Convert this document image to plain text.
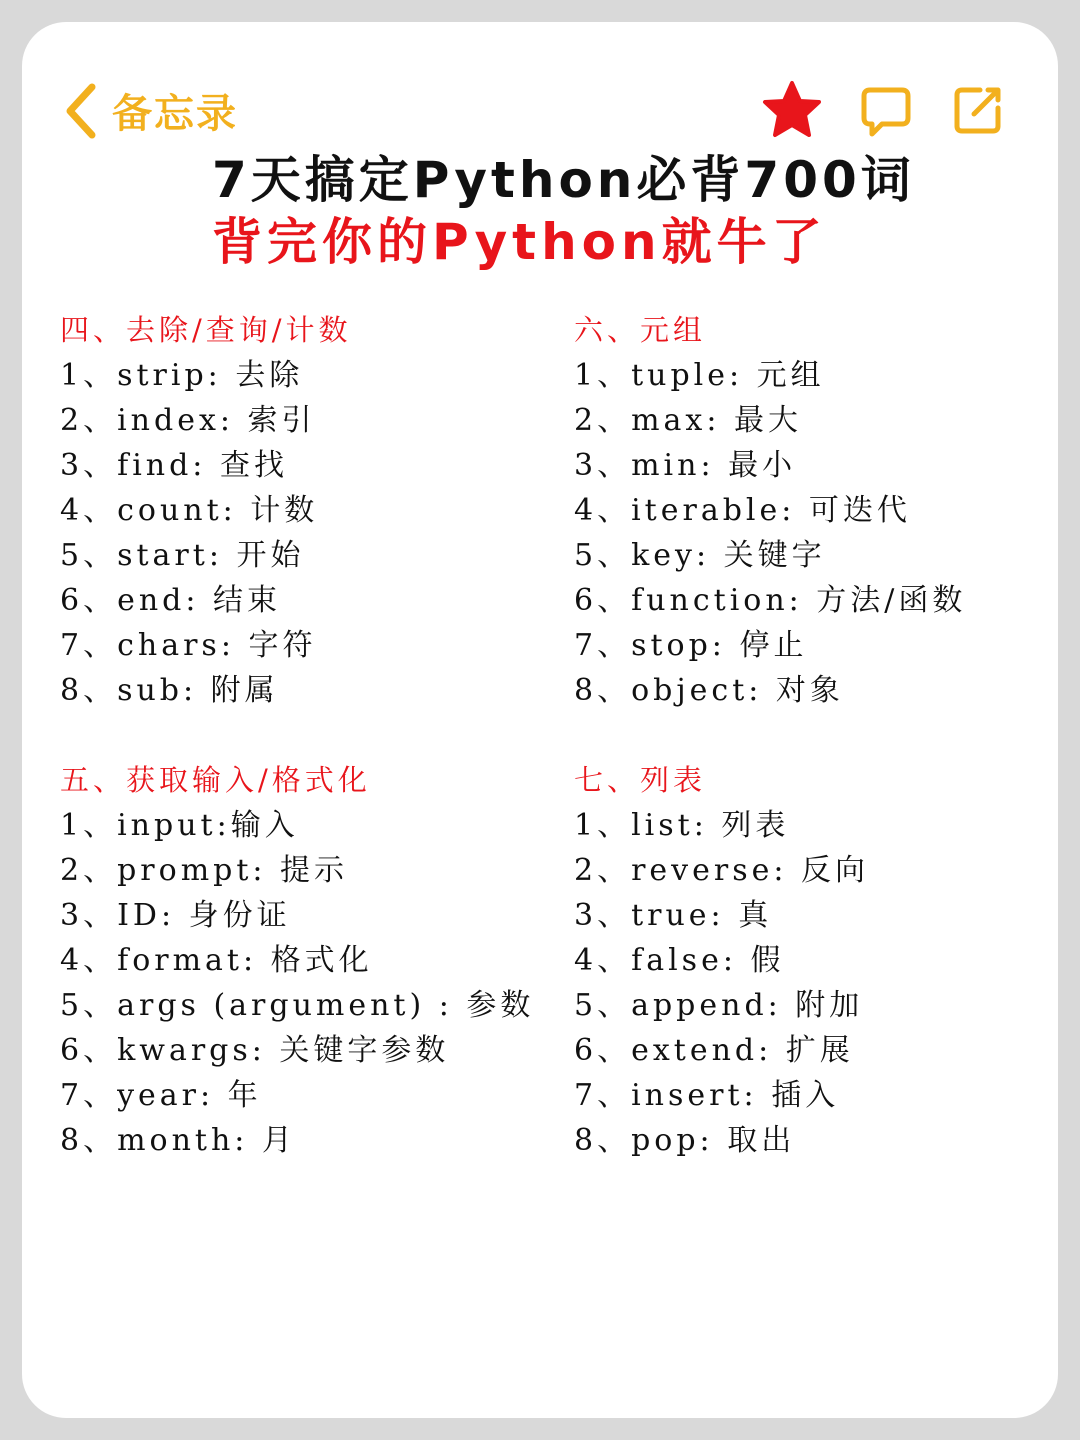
备忘录
7天搞定Python必背700词
背完你的Python就牛了
四、去除/查询/计数
1、strip: 去除
2、index: 索引
3、find: 查找
4、count: 计数
5、start: 开始
6、end: 结束
7、chars: 字符
8、sub: 附属
五、获取输入/格式化
1、input:输入
2、prompt: 提示
3、ID: 身份证
4、format: 格式化
5、args (argument) : 参数
6、kwargs: 关键字参数
7、year: 年
8、month: 月
六、元组
1、tuple: 元组
2、max: 最大
3、min: 最小
4、iterable: 可迭代
5、key: 关键字
6、function: 方法/函数
7、stop: 停止
8、object: 对象
七、列表
1、list: 列表
2、reverse: 反向
3、true: 真
4、false: 假
5、append: 附加
6、extend: 扩展
7、insert: 插入
8、pop: 取出
